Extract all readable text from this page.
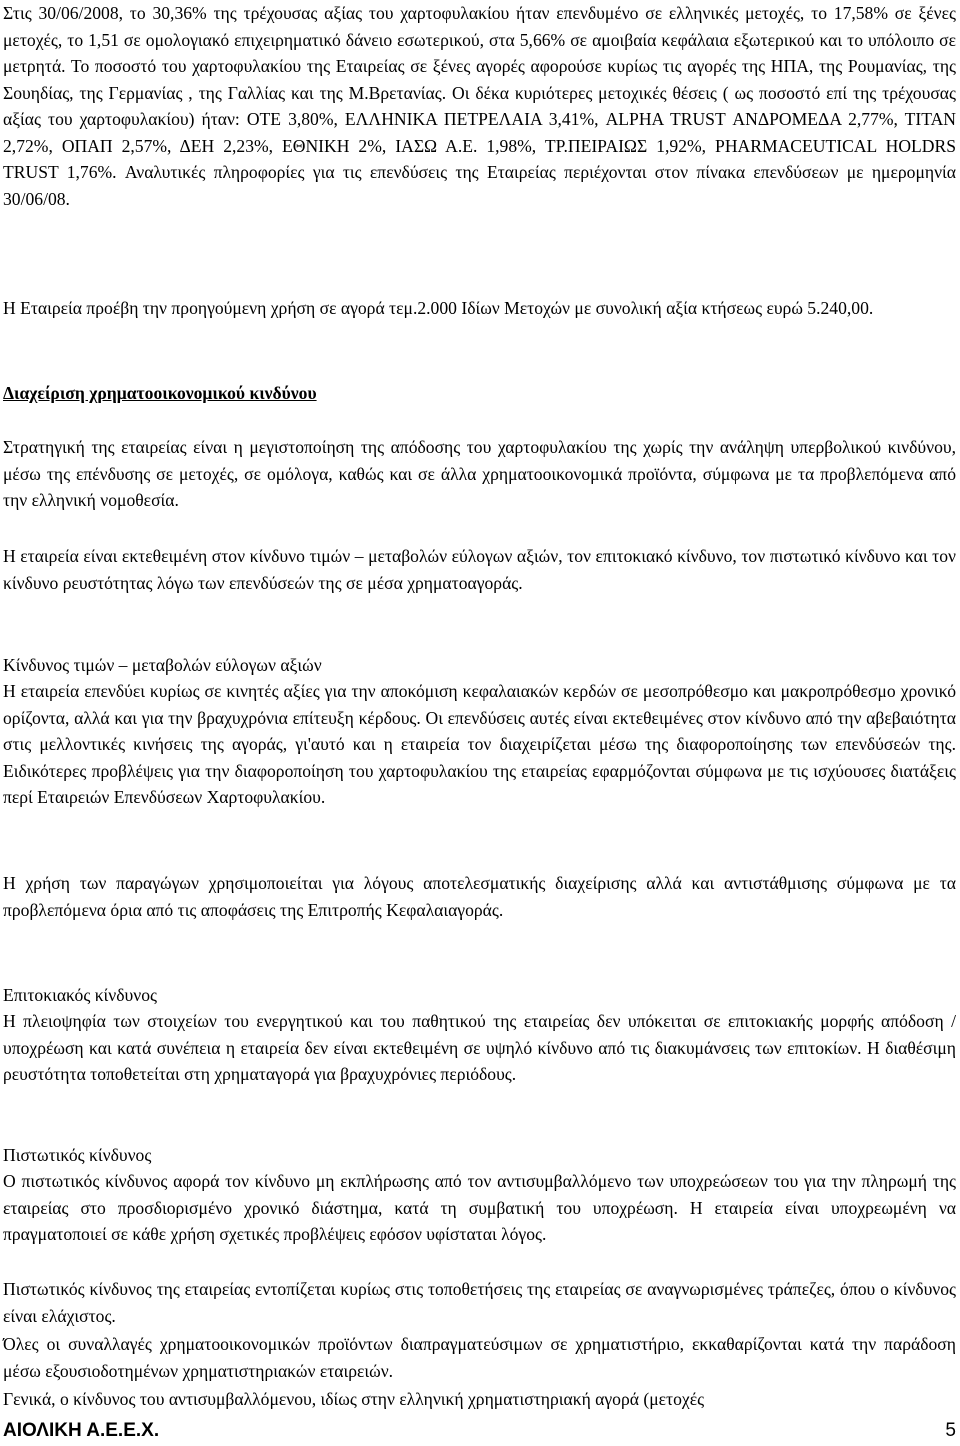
Στις 30/06/2008, το 30,36% της τρέχουσας αξίας του χαρτοφυλακίου ήταν επενδυμένο σε ελληνικές μετοχές, το 17,58% σε ξένες μετοχές, το 1,51 σε ομολογιακό επιχειρηματικό δάνειο εσωτερικού, στα 5,66% σε αμοιβαία κεφάλαια εξωτερικού και το υπόλοιπο σε μετρητά. Το ποσοστό του χαρτοφυλακίου της Εταιρείας σε ξένες αγορές αφορούσε κυρίως τις αγορές της ΗΠΑ, της Ρουμανίας, της Σουηδίας, της Γερμανίας , της Γαλλίας και της Μ.Βρετανίας. Οι δέκα κυριότερες μετοχικές θέσεις ( ως ποσοστό επί της τρέχουσας αξίας του χαρτοφυλακίου) ήταν: ΟΤΕ 3,80%, ΕΛΛΗΝΙΚΑ ΠΕΤΡΕΛΑΙΑ 3,41%, ALPHA TRUST ΑΝΔΡΟΜΕΔΑ 2,77%, ΤΙΤΑΝ 2,72%, ΟΠΑΠ 2,57%, ΔΕΗ 2,23%, ΕΘΝΙΚΗ 2%, ΙΑΣΩ Α.Ε. 1,98%, ΤΡ.ΠΕΙΡΑΙΩΣ 1,92%, PHARMACEUTICAL HOLDRS TRUST 1,76%. Αναλυτικές πληροφορίες για τις επενδύσεις της Εταιρείας περιέχονται στον πίνακα επενδύσεων με ημερομηνία 30/06/08.

Η Εταιρεία προέβη την προηγούμενη χρήση σε αγορά τεμ.2.000 Ιδίων Μετοχών με συνολική αξία κτήσεως ευρώ 5.240,00.

Διαχείριση χρηματοοικονομικού κινδύνου

Στρατηγική της εταιρείας είναι η μεγιστοποίηση της απόδοσης του χαρτοφυλακίου της χωρίς την ανάληψη υπερβολικού κινδύνου, μέσω της επένδυσης σε μετοχές, σε ομόλογα, καθώς και σε άλλα χρηματοοικονομικά προϊόντα, σύμφωνα με τα προβλεπόμενα από την ελληνική νομοθεσία.

Η εταιρεία είναι εκτεθειμένη στον κίνδυνο τιμών – μεταβολών εύλογων αξιών, τον επιτοκιακό κίνδυνο, τον πιστωτικό κίνδυνο και τον κίνδυνο ρευστότητας λόγω των επενδύσεών της σε μέσα χρηματοαγοράς.

Κίνδυνος τιμών – μεταβολών εύλογων αξιών

Η εταιρεία επενδύει κυρίως σε κινητές αξίες για την αποκόμιση κεφαλαιακών κερδών σε μεσοπρόθεσμο και μακροπρόθεσμο χρονικό ορίζοντα, αλλά και για την βραχυχρόνια επίτευξη κέρδους. Οι επενδύσεις αυτές είναι εκτεθειμένες στον κίνδυνο από την αβεβαιότητα στις μελλοντικές κινήσεις της αγοράς, γι'αυτό και η εταιρεία τον διαχειρίζεται μέσω της διαφοροποίησης των επενδύσεών της. Ειδικότερες προβλέψεις για την διαφοροποίηση του χαρτοφυλακίου της εταιρείας εφαρμόζονται σύμφωνα με τις ισχύουσες διατάξεις περί Εταιρειών Επενδύσεων Χαρτοφυλακίου.

Η χρήση των παραγώγων χρησιμοποιείται για λόγους αποτελεσματικής διαχείρισης αλλά και αντιστάθμισης σύμφωνα με τα προβλεπόμενα όρια από τις αποφάσεις της Επιτροπής Κεφαλαιαγοράς.

Επιτοκιακός κίνδυνος

Η πλειοψηφία των στοιχείων του ενεργητικού και του παθητικού της εταιρείας δεν υπόκειται σε επιτοκιακής μορφής απόδοση / υποχρέωση και κατά συνέπεια η εταιρεία δεν είναι εκτεθειμένη σε υψηλό κίνδυνο από τις διακυμάνσεις των επιτοκίων. Η διαθέσιμη ρευστότητα τοποθετείται στη χρηματαγορά για βραχυχρόνιες περιόδους.

Πιστωτικός κίνδυνος

Ο πιστωτικός κίνδυνος αφορά τον κίνδυνο μη εκπλήρωσης από τον αντισυμβαλλόμενο των υποχρεώσεων του για την πληρωμή της εταιρείας στο προσδιορισμένο χρονικό διάστημα, κατά τη συμβατική του υποχρέωση. Η εταιρεία είναι υποχρεωμένη να πραγματοποιεί σε κάθε χρήση σχετικές προβλέψεις εφόσον υφίσταται λόγος.

Πιστωτικός κίνδυνος της εταιρείας εντοπίζεται κυρίως στις τοποθετήσεις της εταιρείας σε αναγνωρισμένες τράπεζες, όπου ο κίνδυνος είναι ελάχιστος.

Όλες οι συναλλαγές χρηματοοικονομικών προϊόντων διαπραγματεύσιμων σε χρηματιστήριο, εκκαθαρίζονται κατά την παράδοση μέσω εξουσιοδοτημένων χρηματιστηριακών εταιρειών.

Γενικά, ο κίνδυνος του αντισυμβαλλόμενου, ιδίως στην ελληνική χρηματιστηριακή αγορά (μετοχές

ΑΙΟΛΙΚΗ Α.Ε.Ε.Χ.	5
